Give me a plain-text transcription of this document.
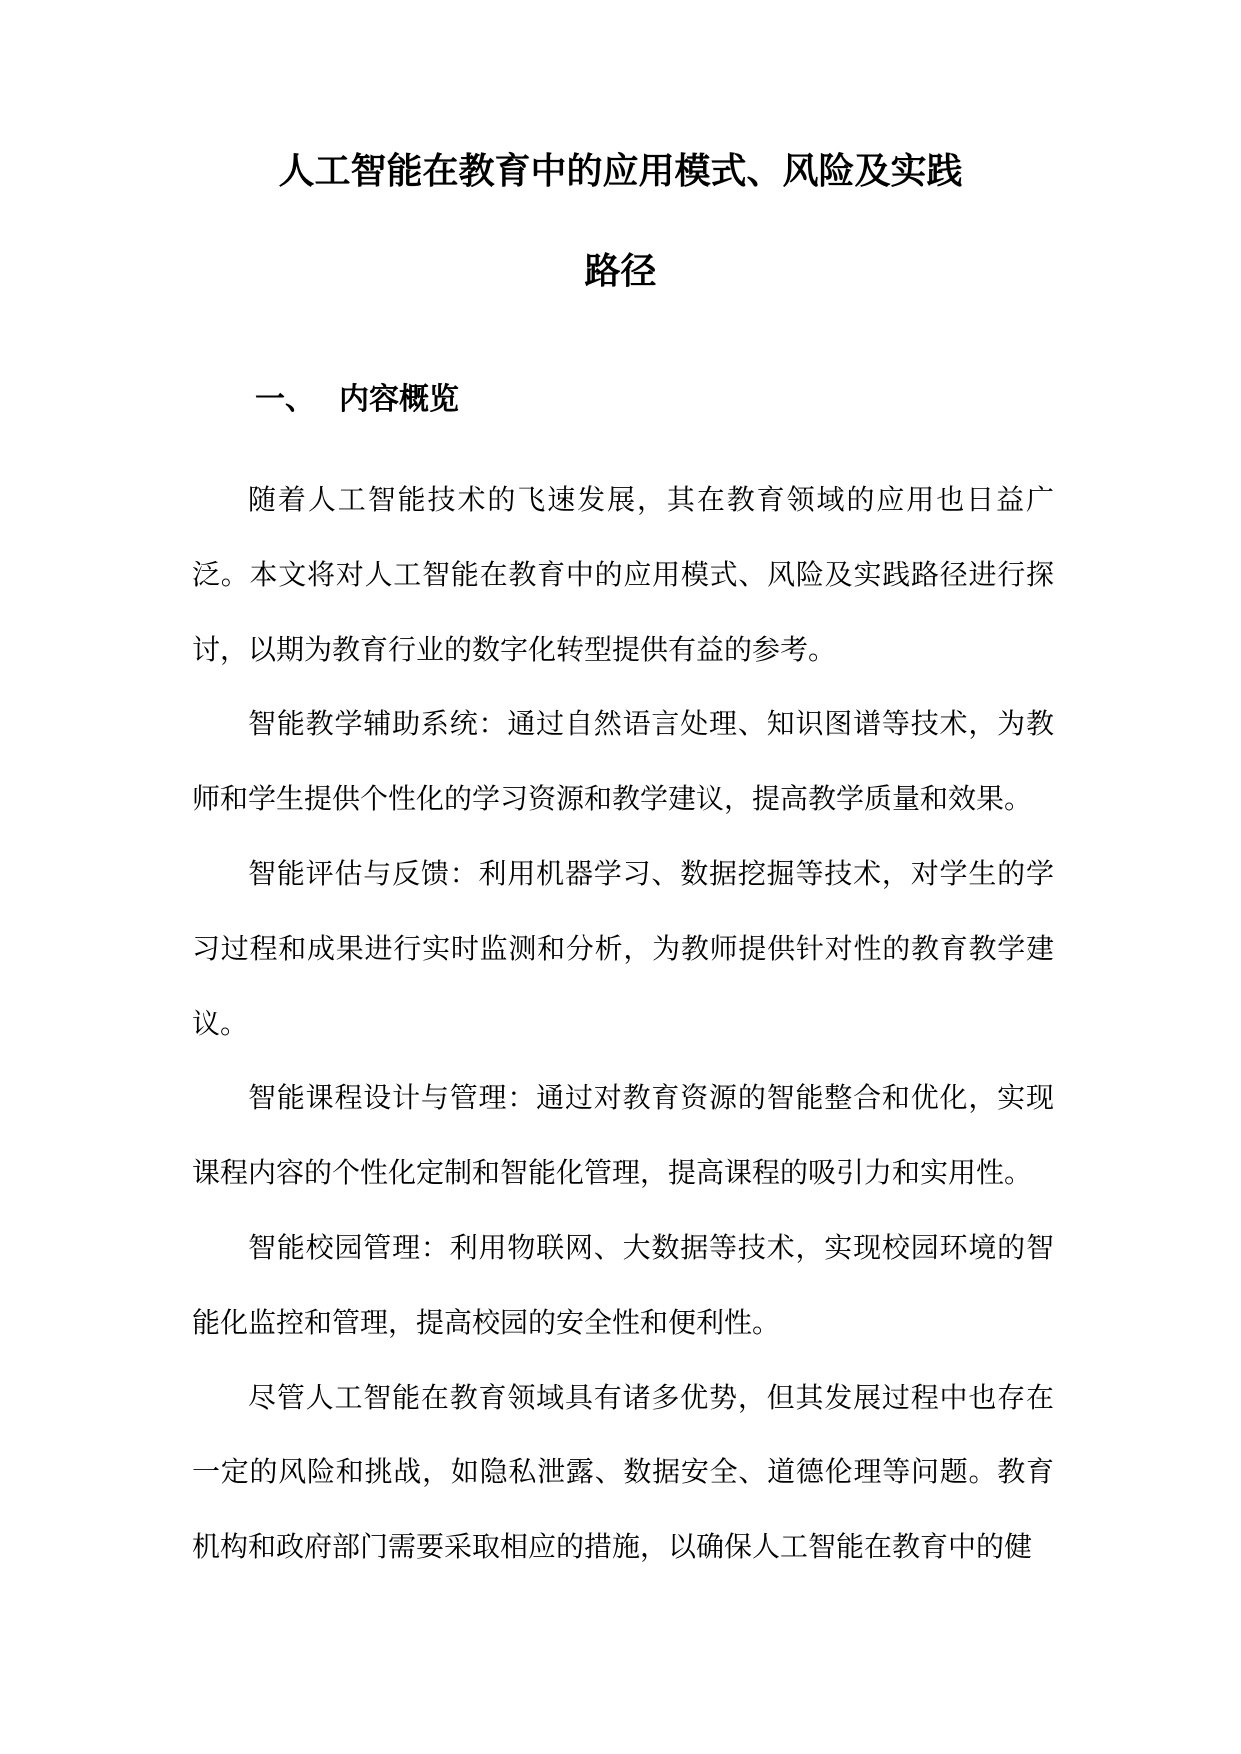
人工智能在教育中的应用模式、风险及实践
路径
一、 内容概览

随着人工智能技术的飞速发展，其在教育领域的应用也日益广泛。本文将对人工智能在教育中的应用模式、风险及实践路径进行探讨，以期为教育行业的数字化转型提供有益的参考。

智能教学辅助系统：通过自然语言处理、知识图谱等技术，为教师和学生提供个性化的学习资源和教学建议，提高教学质量和效果。

智能评估与反馈：利用机器学习、数据挖掘等技术，对学生的学习过程和成果进行实时监测和分析，为教师提供针对性的教育教学建议。

智能课程设计与管理：通过对教育资源的智能整合和优化，实现课程内容的个性化定制和智能化管理，提高课程的吸引力和实用性。

智能校园管理：利用物联网、大数据等技术，实现校园环境的智能化监控和管理，提高校园的安全性和便利性。

尽管人工智能在教育领域具有诸多优势，但其发展过程中也存在一定的风险和挑战，如隐私泄露、数据安全、道德伦理等问题。教育机构和政府部门需要采取相应的措施，以确保人工智能在教育中的健
